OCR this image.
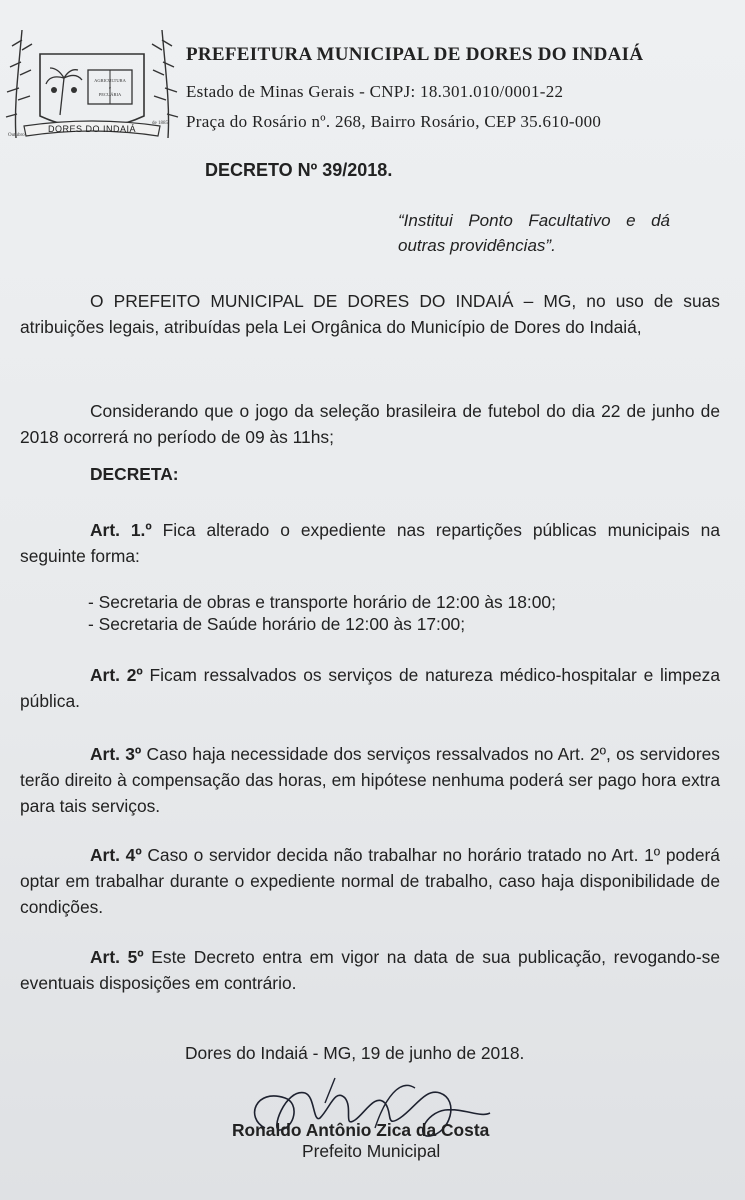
AGRICULTURA
e
PECUÁRIA
DORES DO INDAIÁ
Outubro
de 1885
PREFEITURA MUNICIPAL DE DORES DO INDAIÁ
Estado de Minas Gerais - CNPJ: 18.301.010/0001-22
Praça do Rosário nº. 268, Bairro Rosário, CEP 35.610-000
DECRETO Nº 39/2018.
“Institui Ponto Facultativo e dá
outras providências”.
O PREFEITO MUNICIPAL DE DORES DO INDAIÁ – MG, no uso de suas atribuições legais, atribuídas pela Lei Orgânica do Município de Dores do Indaiá,
Considerando que o jogo da seleção brasileira de futebol do dia 22 de junho de 2018 ocorrerá no período de 09 às 11hs;
DECRETA:
Art. 1.º Fica alterado o expediente nas repartições públicas municipais na seguinte forma:
- Secretaria de obras e transporte horário de 12:00 às 18:00;
- Secretaria de Saúde horário de 12:00 às 17:00;
Art. 2º Ficam ressalvados os serviços de natureza médico-hospitalar e limpeza pública.
Art. 3º Caso haja necessidade dos serviços ressalvados no Art. 2º, os servidores terão direito à compensação das horas, em hipótese nenhuma poderá ser pago hora extra para tais serviços.
Art. 4º Caso o servidor decida não trabalhar no horário tratado no Art. 1º poderá optar em trabalhar durante o expediente normal de trabalho, caso haja disponibilidade de condições.
Art. 5º Este Decreto entra em vigor na data de sua publicação, revogando-se eventuais disposições em contrário.
Dores do Indaiá - MG, 19 de junho de 2018.
Ronaldo Antônio Zica da Costa
Prefeito Municipal
